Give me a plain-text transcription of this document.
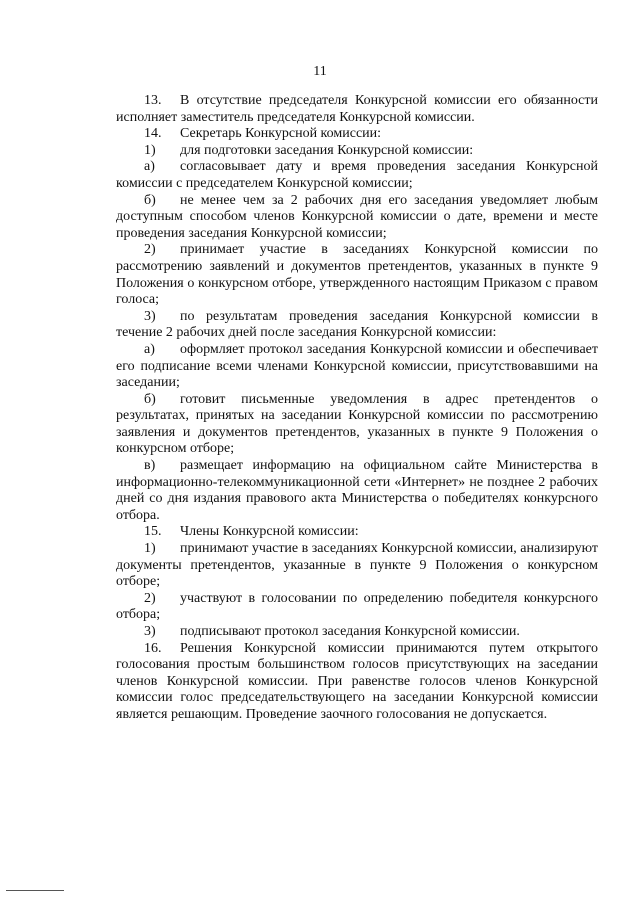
11

13. В отсутствие председателя Конкурсной комиссии его обязанности исполняет заместитель председателя Конкурсной комиссии.

14. Секретарь Конкурсной комиссии:

1) для подготовки заседания Конкурсной комиссии:

а) согласовывает дату и время проведения заседания Конкурсной комиссии с председателем Конкурсной комиссии;

б) не менее чем за 2 рабочих дня его заседания уведомляет любым доступным способом членов Конкурсной комиссии о дате, времени и месте проведения заседания Конкурсной комиссии;

2) принимает участие в заседаниях Конкурсной комиссии по рассмотрению заявлений и документов претендентов, указанных в пункте 9 Положения о конкурсном отборе, утвержденного настоящим Приказом с правом голоса;

3) по результатам проведения заседания Конкурсной комиссии в течение 2 рабочих дней после заседания Конкурсной комиссии:

а) оформляет протокол заседания Конкурсной комиссии и обеспечивает его подписание всеми членами Конкурсной комиссии, присутствовавшими на заседании;

б) готовит письменные уведомления в адрес претендентов о результатах, принятых на заседании Конкурсной комиссии по рассмотрению заявления и документов претендентов, указанных в пункте 9 Положения о конкурсном отборе;

в) размещает информацию на официальном сайте Министерства в информационно-телекоммуникационной сети «Интернет» не позднее 2 рабочих дней со дня издания правового акта Министерства о победителях конкурсного отбора.

15. Члены Конкурсной комиссии:

1) принимают участие в заседаниях Конкурсной комиссии, анализируют документы претендентов, указанные в пункте 9 Положения о конкурсном отборе;

2) участвуют в голосовании по определению победителя конкурсного отбора;

3) подписывают протокол заседания Конкурсной комиссии.

16. Решения Конкурсной комиссии принимаются путем открытого голосования простым большинством голосов присутствующих на заседании членов Конкурсной комиссии. При равенстве голосов членов Конкурсной комиссии голос председательствующего на заседании Конкурсной комиссии является решающим. Проведение заочного голосования не допускается.
